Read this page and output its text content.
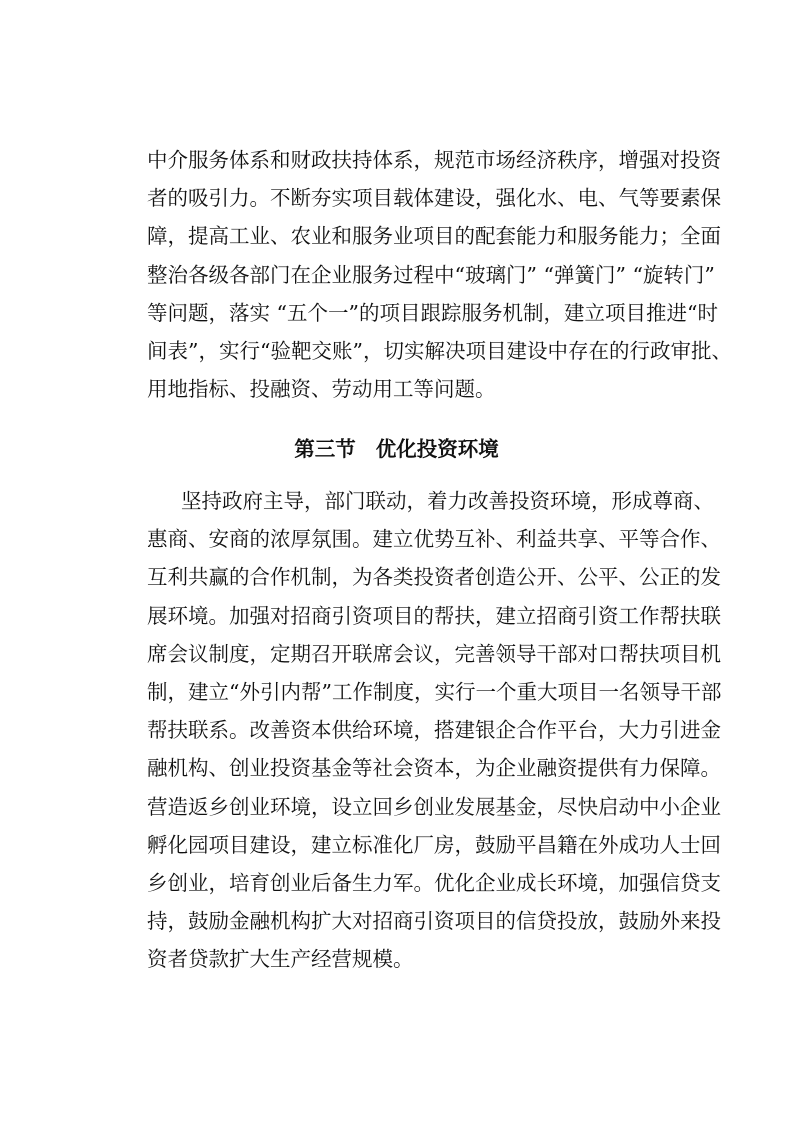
中介服务体系和财政扶持体系，规范市场经济秩序，增强对投资
者的吸引力。不断夯实项目载体建设，强化水、电、气等要素保
障，提高工业、农业和服务业项目的配套能力和服务能力；全面
整治各级各部门在企业服务过程中“玻璃门” “弹簧门” “旋转门”
等问题，落实 “五个一”的项目跟踪服务机制，建立项目推进“时
间表”，实行“验靶交账”，切实解决项目建设中存在的行政审批、
用地指标、投融资、劳动用工等问题。
第三节 优化投资环境
坚持政府主导，部门联动，着力改善投资环境，形成尊商、
惠商、安商的浓厚氛围。建立优势互补、利益共享、平等合作、
互利共赢的合作机制，为各类投资者创造公开、公平、公正的发
展环境。加强对招商引资项目的帮扶，建立招商引资工作帮扶联
席会议制度，定期召开联席会议，完善领导干部对口帮扶项目机
制，建立“外引内帮”工作制度，实行一个重大项目一名领导干部
帮扶联系。改善资本供给环境，搭建银企合作平台，大力引进金
融机构、创业投资基金等社会资本，为企业融资提供有力保障。
营造返乡创业环境，设立回乡创业发展基金，尽快启动中小企业
孵化园项目建设，建立标准化厂房，鼓励平昌籍在外成功人士回
乡创业，培育创业后备生力军。优化企业成长环境，加强信贷支
持，鼓励金融机构扩大对招商引资项目的信贷投放，鼓励外来投
资者贷款扩大生产经营规模。
